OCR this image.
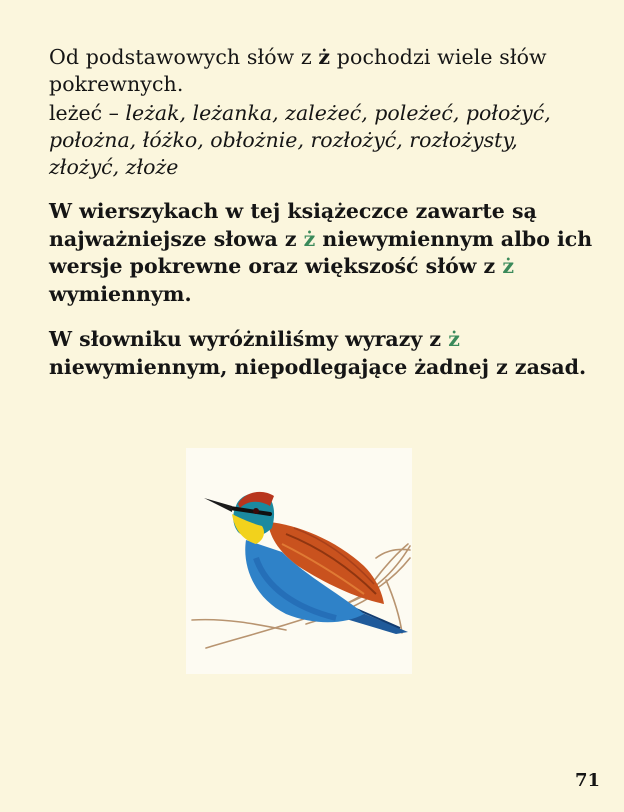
Od podstawowych słów z ż pochodzi wiele słów pokrewnych.
leżeć – leżak, leżanka, zależeć, poleżeć, położyć, położna, łóżko, obłożnie, rozłożyć, rozłożysty, złożyć, złoże
W wierszykach w tej książeczce zawarte są najważniejsze słowa z ż niewymiennym albo ich wersje pokrewne oraz większość słów z ż wymiennym.
W słowniku wyróżniliśmy wyrazy z ż niewymiennym, niepodlegające żadnej z zasad.
71
